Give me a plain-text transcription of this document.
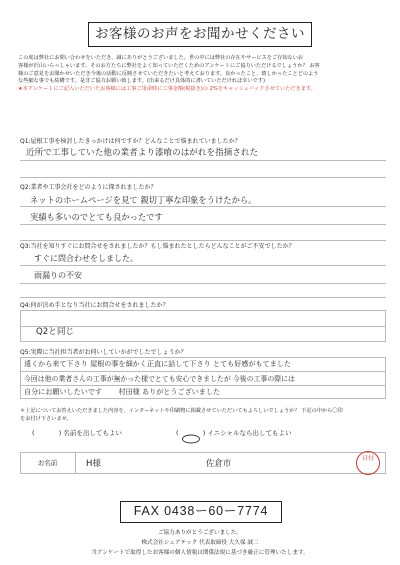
お客様のお声をお聞かせください
この度は弊社にお問い合わせをいただき、誠にありがとうございました。世の中には弊社の存在やサービスをご存知ないお
客様が沢山いらっしゃいます。そのお方たちに弊社をよく知っていただくためのアンケートにご協力いただけるでしょうか？ お客
様のご意見をお聞かせいただき今後の活動に反映させていただきたいと考えております。良かったこと、嬉しかったことどのよう
な些細な事でも結構です。是非ご協力お願い致します。(出来るだけ具体的に書いていただければ幸いです)
★本アンケートにご記入いただいたお客様には工事ご用命時に工事金額(税抜き)の 2%をキャッシュバックさせていただきます。
Q1:屋根工事を検討したきっかけは何ですか？どんなことで悩まれていましたか？
近所で工事していた他の業者より漆喰のはがれを指摘された
Q2:業者や工事会社をどのように探されましたか？
ネットのホームページを見て 親切丁寧な印象をうけたから。
実績も多いのでとても良かったです
Q3:当社を知りすぐにお問合せをされましたか？もし悩まれたとしたらどんなことがご不安でしたか？
すぐに問合わせをしました。
雨漏りの不安
Q4:何が決め手となり当社にお問合せをされましたか？
Q2と同じ
Q5:実際に当社担当者がお伺いしていかがでしたでしょうか？
遠くから来て下さり 屋根の事を細かく正直に話して下さり とても好感がもてました
今回は他の業者さんの工事が無かった様でとても安心できましたが 今後の工事の際には
自分にお願いしたいです 　　村田様 ありがとうございました
＊上記についてお答えいただきました内容を、インターネットや印刷物に掲載させていただいてもよろしいでしょうか？ 下記の中から〇印
をお付け下さいませ。
(	) 名前を出してもよい	(	) イニシャルなら出してもよい
お名前	H様	佐倉市	日付
FAX 0438ー60ー7774
ご協力ありがとうございました。
株式会社シェアテック 代表取締役 大久保 誠二
当アンケートで取得したお客様の個人情報は関係法規に基づき厳正に管理いたします。
